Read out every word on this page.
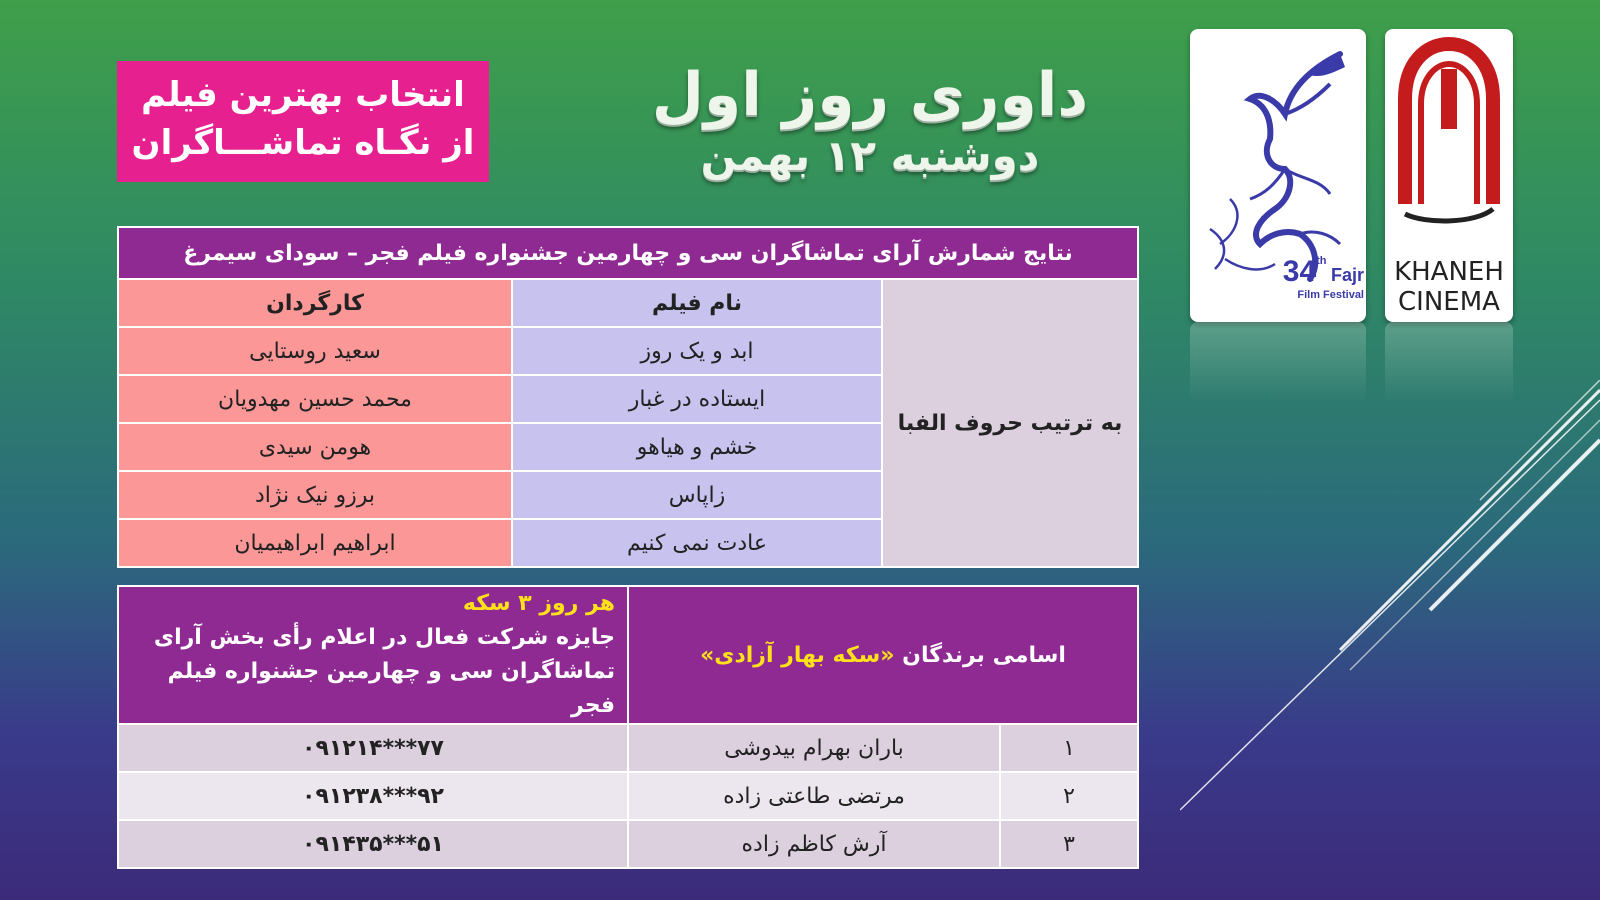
انتخاب بهترین فیلم
از نگـاه تماشـــاگران
داوری روز اول
دوشنبه ۱۲ بهمن
34th Fajr
Film Festival
KHANEH
CINEMA
نتایج شمارش آرای تماشاگران سی و چهارمین جشنواره فیلم فجر – سودای سیمرغ		
به ترتیب حروف الفبا	نام فیلم	کارگردان
	ابد و یک روز	سعید روستایی
	ایستاده در غبار	محمد حسین مهدویان
	خشم و هیاهو	هومن سیدی
	زاپاس	برزو نیک نژاد
	عادت نمی کنیم	ابراهیم ابراهیمیان
اسامی برندگان «سکه بهار آزادی»		هر روز ۳ سکه
جایزه شرکت فعال در اعلام رأی بخش آرای
تماشاگران سی و چهارمین جشنواره فیلم فجر

۱	باران بهرام بیدوشی	۰۹۱۲۱۴***۷۷
۲	مرتضی طاعتی زاده	۰۹۱۲۳۸***۹۲
۳	آرش کاظم زاده	۰۹۱۴۳۵***۵۱
